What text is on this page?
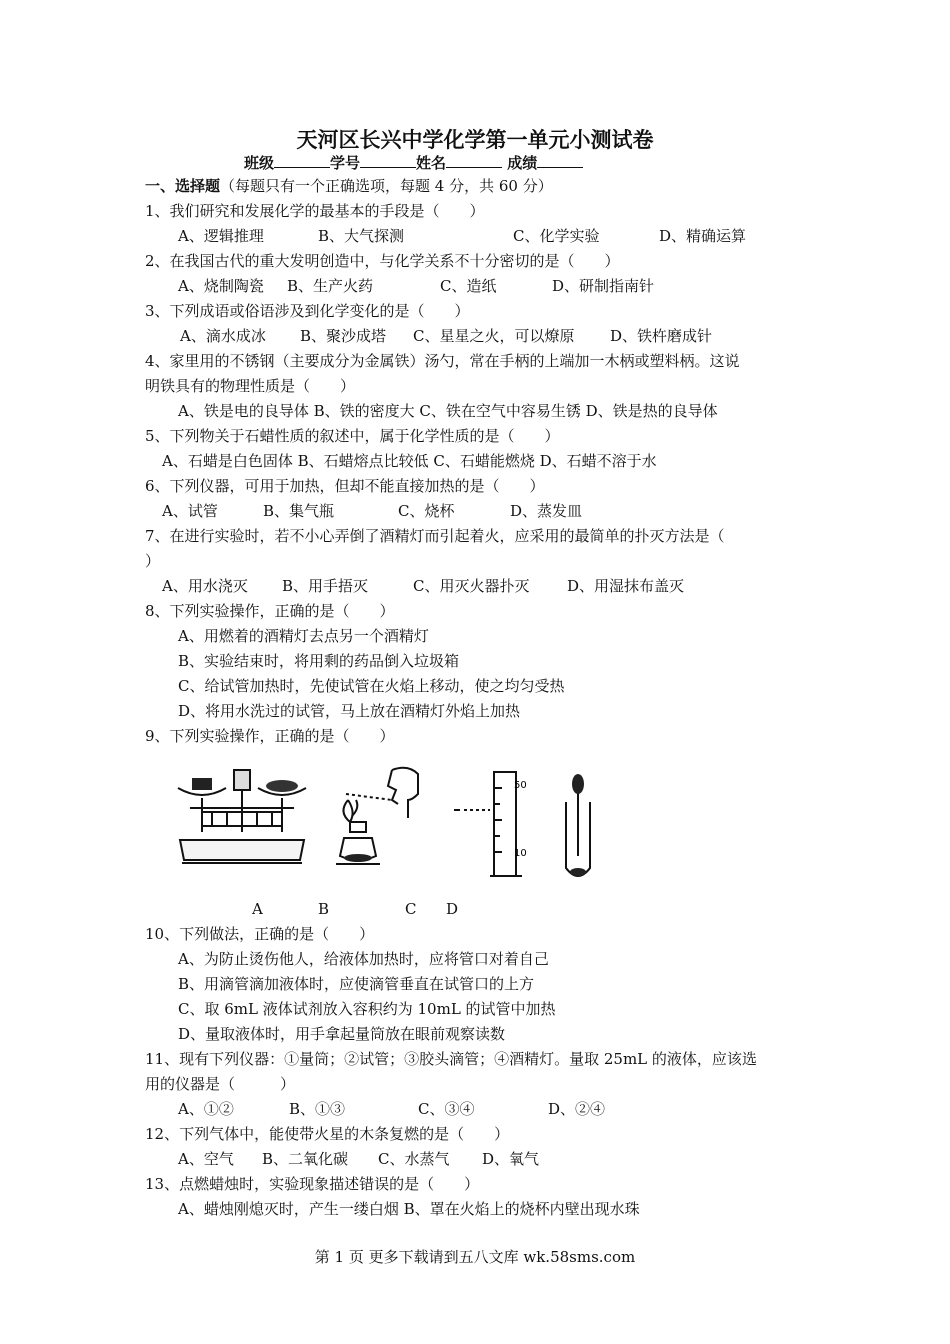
天河区长兴中学化学第一单元小测试卷
班级	学号	姓名	成绩
一、选择题（每题只有一个正确选项，每题 4 分，共 60 分）
1、我们研究和发展化学的最基本的手段是（　　）
A、逻辑推理	B、大气探测	C、化学实验	D、精确运算
2、在我国古代的重大发明创造中，与化学关系不十分密切的是（　　）
A、烧制陶瓷 B、生产火药	C、造纸	D、研制指南针
3、下列成语或俗语涉及到化学变化的是（　　）
A、滴水成冰 B、聚沙成塔 C、星星之火，可以燎原 D、铁杵磨成针
4、家里用的不锈钢（主要成分为金属铁）汤勺，常在手柄的上端加一木柄或塑料柄。这说
明铁具有的物理性质是（　　）
A、铁是电的良导体 B、铁的密度大 C、铁在空气中容易生锈 D、铁是热的良导体
5、下列物关于石蜡性质的叙述中，属于化学性质的是（　　）
A、石蜡是白色固体 B、石蜡熔点比较低 C、石蜡能燃烧 D、石蜡不溶于水
6、下列仪器，可用于加热，但却不能直接加热的是（　　）
A、试管	B、集气瓶	C、烧杯	D、蒸发皿
7、在进行实验时，若不小心弄倒了酒精灯而引起着火，应采用的最简单的扑灭方法是（
）
A、用水浇灭 B、用手捂灭	C、用灭火器扑灭	D、用湿抹布盖灭
8、下列实验操作，正确的是（　　）
A、用燃着的酒精灯去点另一个酒精灯
B、实验结束时，将用剩的药品倒入垃圾箱
C、给试管加热时，先使试管在火焰上移动，使之均匀受热
D、将用水洗过的试管，马上放在酒精灯外焰上加热
9、下列实验操作，正确的是（　　）
50
10
A	B	C D
10、下列做法，正确的是（　　）
A、为防止烫伤他人，给液体加热时，应将管口对着自己
B、用滴管滴加液体时，应使滴管垂直在试管口的上方
C、取 6mL 液体试剂放入容积约为 10mL 的试管中加热
D、量取液体时，用手拿起量筒放在眼前观察读数
11、现有下列仪器：①量筒；②试管；③胶头滴管；④酒精灯。量取 25mL 的液体，应该选
用的仪器是（　　　）
A、①②	B、①③	C、③④	D、②④
12、下列气体中，能使带火星的木条复燃的是（　　）
A、空气 B、二氧化碳 C、水蒸气 D、氧气
13、点燃蜡烛时，实验现象描述错误的是（　　）
A、蜡烛刚熄灭时，产生一缕白烟 B、罩在火焰上的烧杯内壁出现水珠
第 1 页 更多下载请到五八文库 wk.58sms.com
